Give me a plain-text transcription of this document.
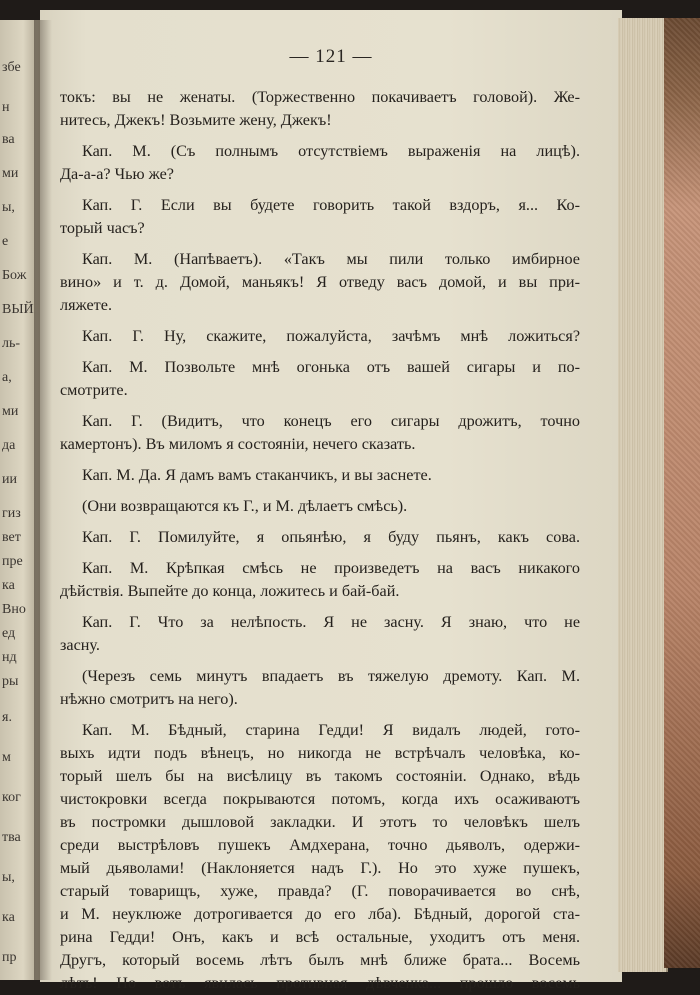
збе
н
ва
ми
ы,
е
Бож
ВЫЙ
ль-
a,
ми
да
ии
гиз
вет
пре
ка
Вно
ед
нд
ры
я.
м
ког
тва
ы,
ка
пр
— 121 —
токъ: вы не женаты. (Торжественно покачиваетъ головой). Же-
нитесь, Джекъ! Возьмите жену, Джекъ!
Кап. М. (Съ полнымъ отсутствіемъ выраженія на лицѣ).
Да-а-а? Чью же?
Кап. Г. Если вы будете говорить такой вздоръ, я... Ко-
торый часъ?
Кап. М. (Напѣваетъ). «Такъ мы пили только имбирное
вино» и т. д. Домой, маньякъ! Я отведу васъ домой, и вы при-
ляжете.
Кап. Г. Ну, скажите, пожалуйста, зачѣмъ мнѣ ложиться?
Кап. М. Позвольте мнѣ огонька отъ вашей сигары и по-
смотрите.
Кап. Г. (Видитъ, что конецъ его сигары дрожитъ, точно
камертонъ). Въ миломъ я состояніи, нечего сказать.
Кап. М. Да. Я дамъ вамъ стаканчикъ, и вы заснете.
(Они возвращаются къ Г., и М. дѣлаетъ смѣсь).
Кап. Г. Помилуйте, я опьянѣю, я буду пьянъ, какъ сова.
Кап. М. Крѣпкая смѣсь не произведетъ на васъ никакого
дѣйствія. Выпейте до конца, ложитесь и бай-бай.
Кап. Г. Что за нелѣпость. Я не засну. Я знаю, что не
засну.
(Черезъ семь минутъ впадаетъ въ тяжелую дремоту. Кап. М.
нѣжно смотритъ на него).
Кап. М. Бѣдный, старина Гедди! Я видалъ людей, гото-
выхъ идти подъ вѣнецъ, но никогда не встрѣчалъ человѣка, ко-
торый шелъ бы на висѣлицу въ такомъ состояніи. Однако, вѣдь
чистокровки всегда покрываются потомъ, когда ихъ осаживаютъ
въ постромки дышловой закладки. И этотъ то человѣкъ шелъ
среди выстрѣловъ пушекъ Амдхерана, точно дьяволъ, одержи-
мый дьяволами! (Наклоняется надъ Г.). Но это хуже пушекъ,
старый товарищъ, хуже, правда? (Г. поворачивается во снѣ,
и М. неуклюже дотрогивается до его лба). Бѣдный, дорогой ста-
рина Гедди! Онъ, какъ и всѣ остальные, уходитъ отъ меня.
Другъ, который восемь лѣтъ былъ мнѣ ближе брата... Восемь
лѣтъ! Но вотъ явилась противная дѣвченка... прошло восемь
